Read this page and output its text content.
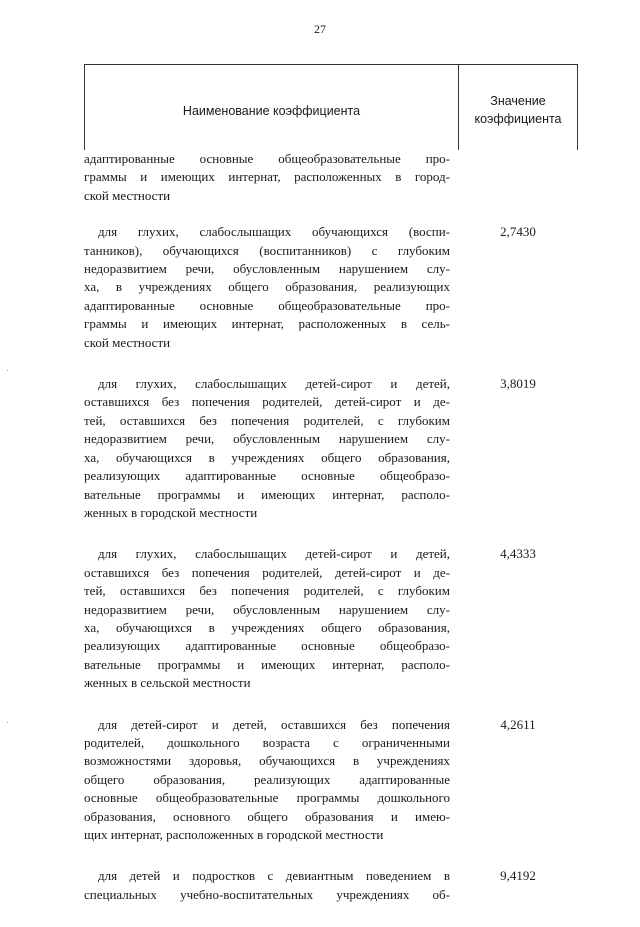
27
Наименование коэффициента
Значение
коэффициента
адаптированные основные общеобразовательные про-
граммы и имеющих интернат, расположенных в город-
ской местности
для глухих, слабослышащих обучающихся (воспи-
танников), обучающихся (воспитанников) с глубоким
недоразвитием речи, обусловленным нарушением слу-
ха, в учреждениях общего образования, реализующих
адаптированные основные общеобразовательные про-
граммы и имеющих интернат, расположенных в сель-
ской местности
2,7430
для глухих, слабослышащих детей-сирот и детей,
оставшихся без попечения родителей, детей-сирот и де-
тей, оставшихся без попечения родителей, с глубоким
недоразвитием речи, обусловленным нарушением слу-
ха, обучающихся в учреждениях общего образования,
реализующих адаптированные основные общеобразо-
вательные программы и имеющих интернат, располо-
женных в городской местности
3,8019
для глухих, слабослышащих детей-сирот и детей,
оставшихся без попечения родителей, детей-сирот и де-
тей, оставшихся без попечения родителей, с глубоким
недоразвитием речи, обусловленным нарушением слу-
ха, обучающихся в учреждениях общего образования,
реализующих адаптированные основные общеобразо-
вательные программы и имеющих интернат, располо-
женных в сельской местности
4,4333
для детей-сирот и детей, оставшихся без попечения
родителей, дошкольного возраста с ограниченными
возможностями здоровья, обучающихся в учреждениях
общего образования, реализующих адаптированные
основные общеобразовательные программы дошкольного
образования, основного общего образования и имею-
щих интернат, расположенных в городской местности
4,2611
для детей и подростков с девиантным поведением в
специальных учебно-воспитательных учреждениях об-
9,4192
